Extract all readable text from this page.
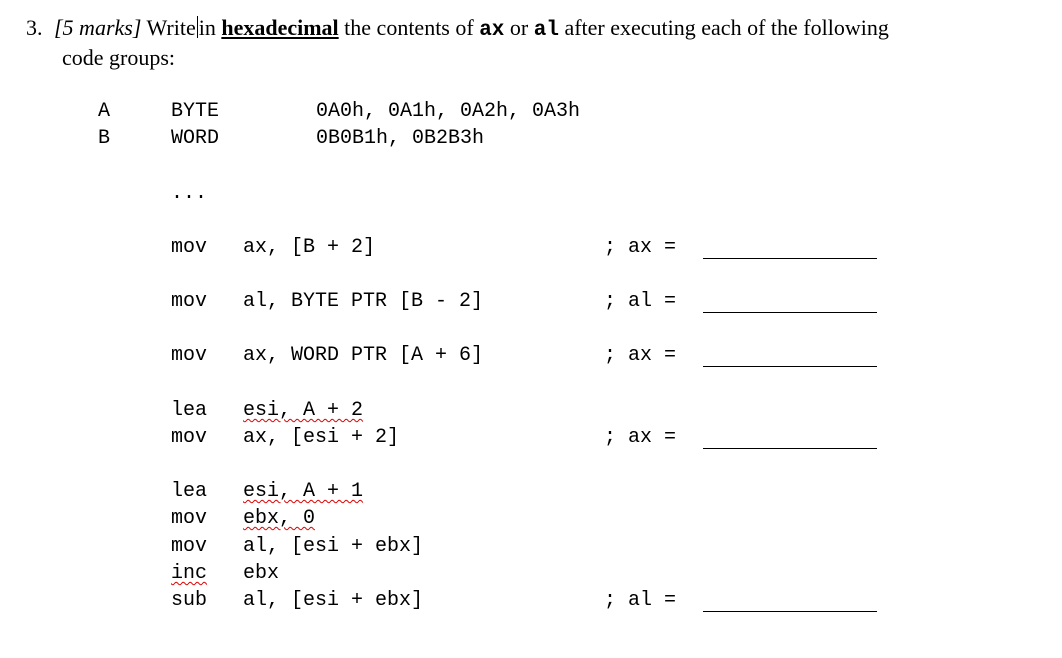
3. [5 marks] Write in hexadecimal the contents of ax or al after executing each of the following
code groups:
A	BYTE	0A0h, 0A1h, 0A2h, 0A3h
B	WORD	0B0B1h, 0B2B3h
...
mov ax, [B + 2]	; ax =
mov al, BYTE PTR [B - 2]	; al =
mov ax, WORD PTR [A + 6]	; ax =
lea esi, A + 2
mov ax, [esi + 2]	; ax =
lea esi, A + 1
mov ebx, 0
mov al, [esi + ebx]
inc ebx
sub al, [esi + ebx]	; al =
